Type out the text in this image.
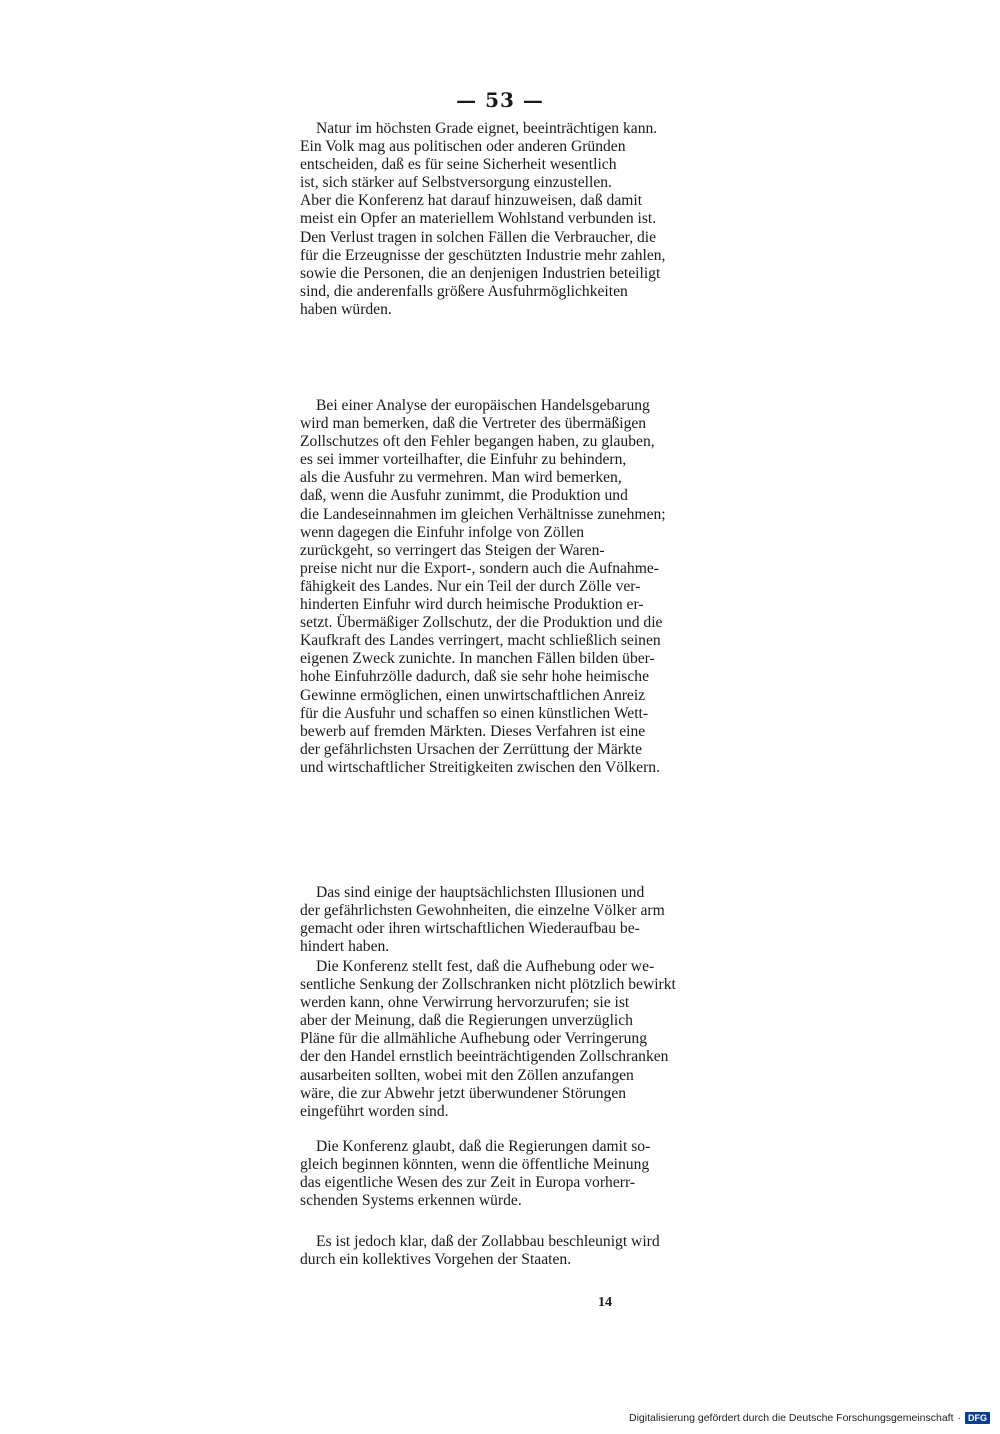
— 53 —
Natur im höchsten Grade eignet, beeinträchtigen kann.
Ein Volk mag aus politischen oder anderen Gründen
entscheiden, daß es für seine Sicherheit wesentlich
ist, sich stärker auf Selbstversorgung einzustellen.
Aber die Konferenz hat darauf hinzuweisen, daß damit
meist ein Opfer an materiellem Wohlstand verbunden ist.
Den Verlust tragen in solchen Fällen die Verbraucher, die
für die Erzeugnisse der geschützten Industrie mehr zahlen,
sowie die Personen, die an denjenigen Industrien beteiligt
sind, die anderenfalls größere Ausfuhrmöglichkeiten
haben würden.
Bei einer Analyse der europäischen Handelsgebarung
wird man bemerken, daß die Vertreter des übermäßigen
Zollschutzes oft den Fehler begangen haben, zu glauben,
es sei immer vorteilhafter, die Einfuhr zu behindern,
als die Ausfuhr zu vermehren. Man wird bemerken,
daß, wenn die Ausfuhr zunimmt, die Produktion und
die Landeseinnahmen im gleichen Verhältnisse zunehmen;
wenn dagegen die Einfuhr infolge von Zöllen
zurückgeht, so verringert das Steigen der Waren-
preise nicht nur die Export-, sondern auch die Aufnahme-
fähigkeit des Landes. Nur ein Teil der durch Zölle ver-
hinderten Einfuhr wird durch heimische Produktion er-
setzt. Übermäßiger Zollschutz, der die Produktion und die
Kaufkraft des Landes verringert, macht schließlich seinen
eigenen Zweck zunichte. In manchen Fällen bilden über-
hohe Einfuhrzölle dadurch, daß sie sehr hohe heimische
Gewinne ermöglichen, einen unwirtschaftlichen Anreiz
für die Ausfuhr und schaffen so einen künstlichen Wett-
bewerb auf fremden Märkten. Dieses Verfahren ist eine
der gefährlichsten Ursachen der Zerrüttung der Märkte
und wirtschaftlicher Streitigkeiten zwischen den Völkern.
Das sind einige der hauptsächlichsten Illusionen und
der gefährlichsten Gewohnheiten, die einzelne Völker arm
gemacht oder ihren wirtschaftlichen Wiederaufbau be-
hindert haben.
Die Konferenz stellt fest, daß die Aufhebung oder we-
sentliche Senkung der Zollschranken nicht plötzlich bewirkt
werden kann, ohne Verwirrung hervorzurufen; sie ist
aber der Meinung, daß die Regierungen unverzüglich
Pläne für die allmähliche Aufhebung oder Verringerung
der den Handel ernstlich beeinträchtigenden Zollschranken
ausarbeiten sollten, wobei mit den Zöllen anzufangen
wäre, die zur Abwehr jetzt überwundener Störungen
eingeführt worden sind.
Die Konferenz glaubt, daß die Regierungen damit so-
gleich beginnen könnten, wenn die öffentliche Meinung
das eigentliche Wesen des zur Zeit in Europa vorherr-
schenden Systems erkennen würde.
Es ist jedoch klar, daß der Zollabbau beschleunigt wird
durch ein kollektives Vorgehen der Staaten.
14
Digitalisierung gefördert durch die Deutsche Forschungsgemeinschaft · DFG
